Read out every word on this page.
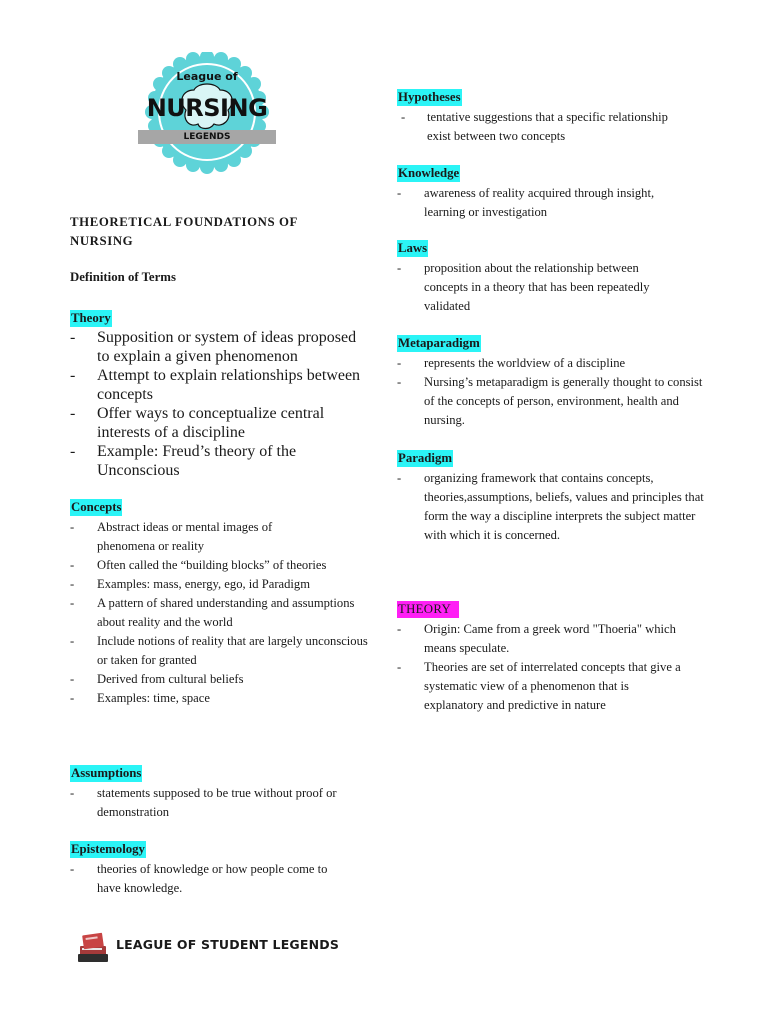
League of
NURSING
LEGENDS
THEORETICAL FOUNDATIONS OF NURSING
Definition of Terms
Theory
- Supposition or system of ideas proposed to explain a given phenomenon
- Attempt to explain relationships between concepts
- Offer ways to conceptualize central interests of a discipline
- Example: Freud’s theory of the Unconscious
Concepts
- Abstract ideas or mental images of phenomena or reality
- Often called the “building blocks” of theories
- Examples: mass, energy, ego, id Paradigm
- A pattern of shared understanding and assumptions about reality and the world
- Include notions of reality that are largely unconscious or taken for granted
- Derived from cultural beliefs
- Examples: time, space
Assumptions
- statements supposed to be true without proof or demonstration
Epistemology
- theories of knowledge or how people come to have knowledge.
Hypotheses
- tentative suggestions that a specific relationship exist between two concepts
Knowledge
- awareness of reality acquired through insight, learning or investigation
Laws
- proposition about the relationship between concepts in a theory that has been repeatedly validated
Metaparadigm
- represents the worldview of a discipline
- Nursing’s metaparadigm is generally thought to consist of the concepts of person, environment, health and nursing.
Paradigm
- organizing framework that contains concepts, theories,assumptions, beliefs, values and principles that form the way a discipline interprets the subject matter with which it is concerned.
THEORY
- Origin: Came from a greek word "Thoeria" which means speculate.
- Theories are set of interrelated concepts that give a systematic view of a phenomenon that is explanatory and predictive in nature
LEAGUE OF STUDENT LEGENDS
